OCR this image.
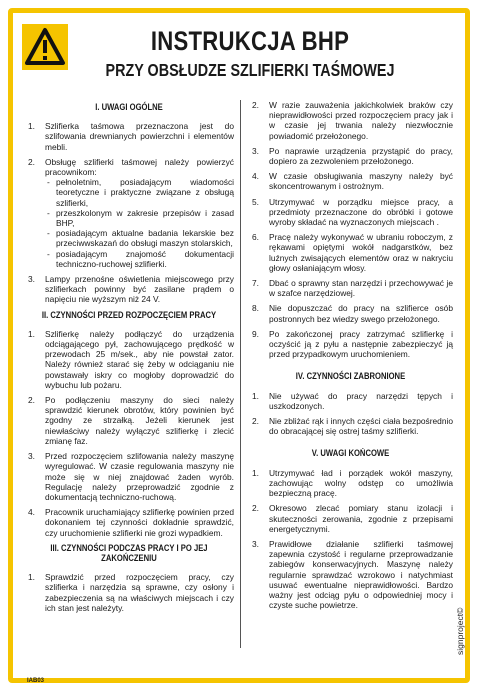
INSTRUKCJA BHP
PRZY OBSŁUDZE SZLIFIERKI TAŚMOWEJ
I. UWAGI OGÓLNE
1. Szlifierka taśmowa przeznaczona jest do szlifowania drewnianych powierzchni i elementów mebli.
2. Obsługę szlifierki taśmowej należy powierzyć pracownikom:
- pełnoletnim, posiadającym wiadomości teoretyczne i praktyczne związane z obsługą szlifierki,
- przeszkolonym w zakresie przepisów i zasad BHP,
- posiadającym aktualne badania lekarskie bez przeciwwskazań do obsługi maszyn stolarskich,
- posiadającym znajomość dokumentacji techniczno-ruchowej szlifierki.
3. Lampy przenośne oświetlenia miejscowego przy szlifierkach powinny być zasilane prądem o napięciu nie wyższym niż 24 V.
II. CZYNNOŚCI PRZED ROZPOCZĘCIEM PRACY
1. Szlifierkę należy podłączyć do urządzenia odciągającego pył, zachowującego prędkość w przewodach 25 m/sek., aby nie powstał zator. Należy również starać się żeby w odciąganiu nie powstawały iskry co mogłoby doprowadzić do wybuchu lub pożaru.
2. Po podłączeniu maszyny do sieci należy sprawdzić kierunek obrotów, który powinien być zgodny ze strzałką. Jeżeli kierunek jest niewłaściwy należy wyłączyć szlifierkę i zlecić zmianę faz.
3. Przed rozpoczęciem szlifowania należy maszynę wyregulować. W czasie regulowania maszyny nie może się w niej znajdować żaden wyrób. Regulację należy przeprowadzić zgodnie z dokumentacją techniczno-ruchową.
4. Pracownik uruchamiający szlifierkę powinien przed dokonaniem tej czynności dokładnie sprawdzić, czy uruchomienie szlifierki nie grozi wypadkiem.
III. CZYNNOŚCI PODCZAS PRACY I PO JEJ ZAKOŃCZENIU
1. Sprawdzić przed rozpoczęciem pracy, czy szlifierka i narzędzia są sprawne, czy osłony i zabezpieczenia są na właściwych miejscach i czy ich stan jest należyty.
2. W razie zauważenia jakichkolwiek braków czy nieprawidłowości przed rozpoczęciem pracy jak i w czasie jej trwania należy niezwłocznie powiadomić przełożonego.
3. Po naprawie urządzenia przystąpić do pracy, dopiero za zezwoleniem przełożonego.
4. W czasie obsługiwania maszyny należy być skoncentrowanym i ostrożnym.
5. Utrzymywać w porządku miejsce pracy, a przedmioty przeznaczone do obróbki i gotowe wyroby składać na wyznaczonych miejscach .
6. Pracę należy wykonywać w ubraniu roboczym, z rękawami opiętymi wokół nadgarstków, bez luźnych zwisających elementów oraz w nakryciu głowy osłaniającym włosy.
7. Dbać o sprawny stan narzędzi i przechowywać je w szafce narzędziowej.
8. Nie dopuszczać do pracy na szlifierce osób postronnych bez wiedzy swego przełożonego.
9. Po zakończonej pracy zatrzymać szlifierkę i oczyścić ją z pyłu a następnie zabezpieczyć ją przed przypadkowym uruchomieniem.
IV. CZYNNOŚCI ZABRONIONE
1. Nie używać do pracy narzędzi tępych i uszkodzonych.
2. Nie zbliżać rąk i innych części ciała bezpośrednio do obracającej się ostrej taśmy szlifierki.
V. UWAGI KOŃCOWE
1. Utrzymywać ład i porządek wokół maszyny, zachowując wolny odstęp co umożliwia bezpieczną pracę.
2. Okresowo zlecać pomiary stanu izolacji i skuteczności zerowania, zgodnie z przepisami energetycznymi.
3. Prawidłowe działanie szlifierki taśmowej zapewnia czystość i regularne przeprowadzanie zabiegów konserwacyjnych. Maszynę należy regularnie sprawdzać wzrokowo i natychmiast usuwać ewentualne nieprawidłowości. Bardzo ważny jest odciąg pyłu o odpowiedniej mocy i czyste suche powietrze.
signproject©
IAB03
